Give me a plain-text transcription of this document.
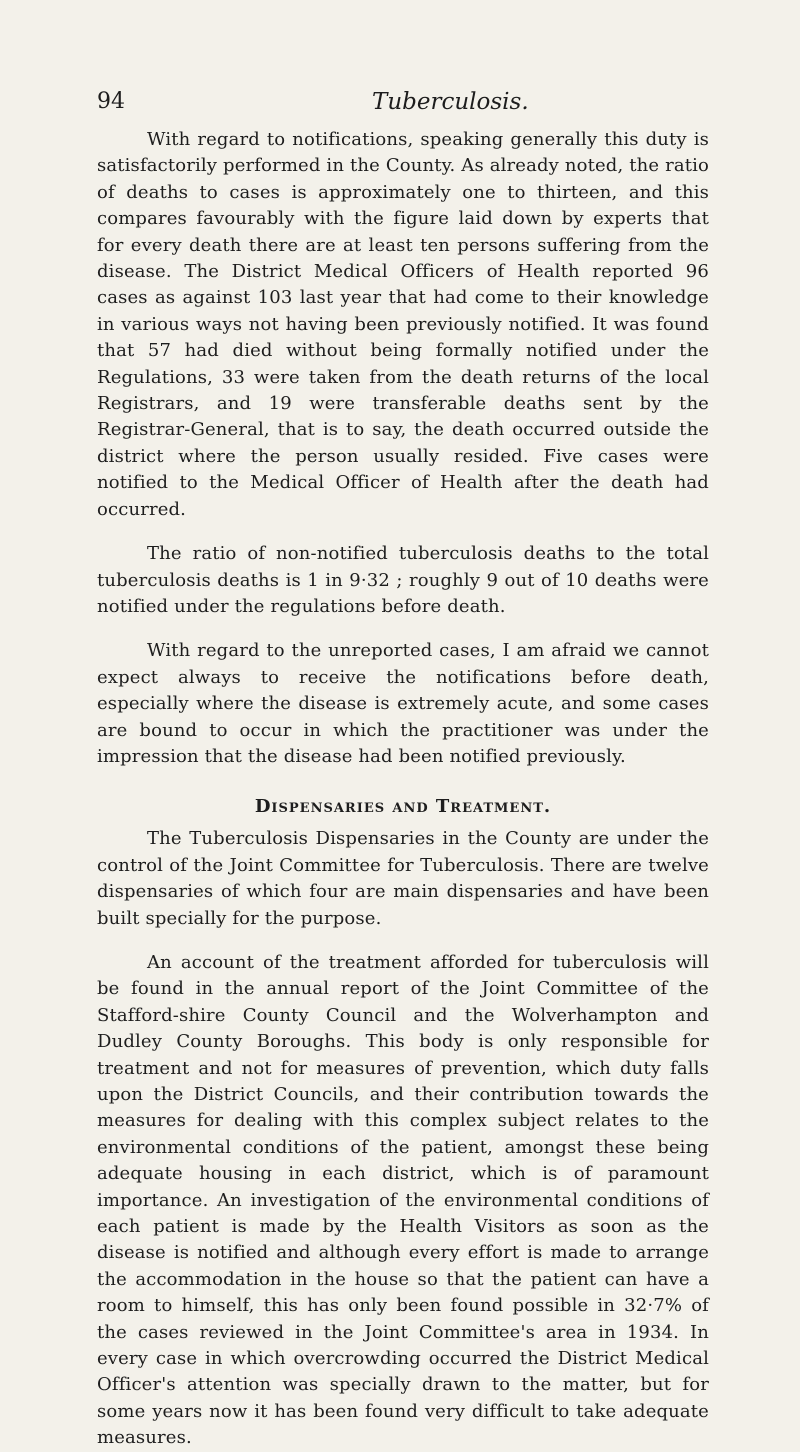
94	Tuberculosis.

With regard to notifications, speaking generally this duty is satisfactorily performed in the County. As already noted, the ratio of deaths to cases is approximately one to thirteen, and this compares favourably with the figure laid down by experts that for every death there are at least ten persons suffering from the disease. The District Medical Officers of Health reported 96 cases as against 103 last year that had come to their knowledge in various ways not having been previously notified. It was found that 57 had died without being formally notified under the Regulations, 33 were taken from the death returns of the local Registrars, and 19 were transferable deaths sent by the Registrar-General, that is to say, the death occurred outside the district where the person usually resided. Five cases were notified to the Medical Officer of Health after the death had occurred.

The ratio of non-notified tuberculosis deaths to the total tuberculosis deaths is 1 in 9·32 ; roughly 9 out of 10 deaths were notified under the regulations before death.

With regard to the unreported cases, I am afraid we cannot expect always to receive the notifications before death, especially where the disease is extremely acute, and some cases are bound to occur in which the practitioner was under the impression that the disease had been notified previously.

Dispensaries and Treatment.

The Tuberculosis Dispensaries in the County are under the control of the Joint Committee for Tuberculosis. There are twelve dispensaries of which four are main dispensaries and have been built specially for the purpose.

An account of the treatment afforded for tuberculosis will be found in the annual report of the Joint Committee of the Stafford-shire County Council and the Wolverhampton and Dudley County Boroughs. This body is only responsible for treatment and not for measures of prevention, which duty falls upon the District Councils, and their contribution towards the measures for dealing with this complex subject relates to the environmental conditions of the patient, amongst these being adequate housing in each district, which is of paramount importance. An investigation of the environmental conditions of each patient is made by the Health Visitors as soon as the disease is notified and although every effort is made to arrange the accommodation in the house so that the patient can have a room to himself, this has only been found possible in 32·7% of the cases reviewed in the Joint Committee's area in 1934. In every case in which overcrowding occurred the District Medical Officer's attention was specially drawn to the matter, but for some years now it has been found very difficult to take adequate measures.
